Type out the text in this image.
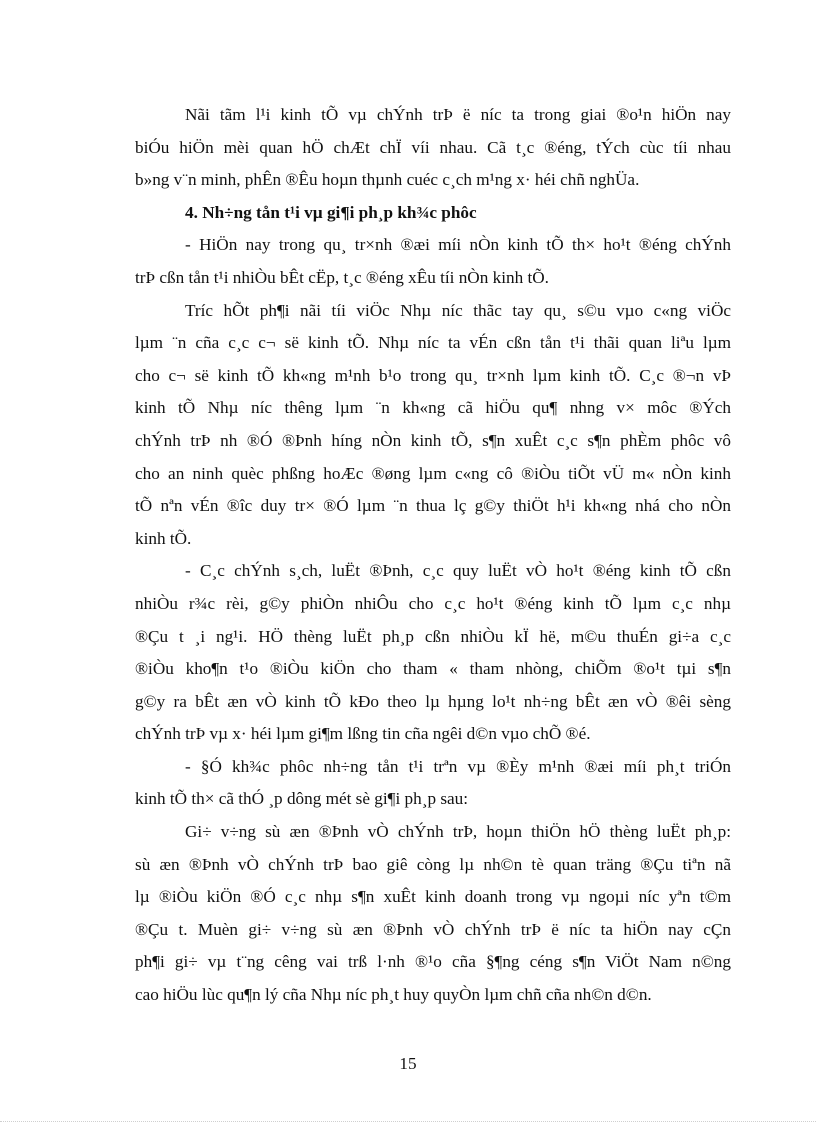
Nãi tãm l¹i kinh tÕ vµ chÝnh trÞ ë níc ta trong giai ®o¹n hiÖn nay
biÓu hiÖn mèi quan hÖ chÆt chÏ víi nhau. Cã t¸c ®éng, tÝch cùc tíi nhau
b»ng v¨n minh, phÊn ®Êu hoµn thµnh cuéc c¸ch m¹ng x· héi chñ nghÜa.
4. Nh÷ng tån t¹i vµ gi¶i ph¸p kh¾c phôc
- HiÖn nay trong qu¸ tr×nh ®æi míi nÒn kinh tÕ th× ho¹t ®éng chÝnh
trÞ cßn tån t¹i nhiÒu bÊt cËp, t¸c ®éng xÊu tíi nÒn kinh tÕ.
Tríc hÕt ph¶i nãi tíi viÖc Nhµ níc thãc tay qu¸ s©u vµo c«ng viÖc
lµm ¨n cña c¸c c¬ së kinh tÕ. Nhµ níc ta vÉn cßn tån t¹i thãi quan liªu lµm
cho c¬ së kinh tÕ kh«ng m¹nh b¹o trong qu¸ tr×nh lµm kinh tÕ. C¸c ®¬n vÞ
kinh tÕ Nhµ níc thêng lµm ¨n kh«ng cã hiÖu qu¶ nhng v× môc ®Ých
chÝnh trÞ nh ®Ó ®Þnh híng nÒn kinh tÕ, s¶n xuÊt c¸c s¶n phÈm phôc vô
cho an ninh quèc phßng hoÆc ®øng lµm c«ng cô ®iÒu tiÕt vÜ m« nÒn kinh
tÕ nªn vÉn ®îc duy tr× ®Ó lµm ¨n thua lç g©y thiÖt h¹i kh«ng nhá cho nÒn
kinh tÕ.
- C¸c chÝnh s¸ch, luËt ®Þnh, c¸c quy luËt vÒ ho¹t ®éng kinh tÕ cßn
nhiÒu r¾c rèi, g©y phiÒn nhiÔu cho c¸c ho¹t ®éng kinh tÕ lµm c¸c nhµ
®Çu t ¸i ng¹i. HÖ thèng luËt ph¸p cßn nhiÒu kÏ hë, m©u thuÉn gi÷a c¸c
®iÒu kho¶n t¹o ®iÒu kiÖn cho tham « tham nhòng, chiÕm ®o¹t tµi s¶n
g©y ra bÊt æn vÒ kinh tÕ kÐo theo lµ hµng lo¹t nh÷ng bÊt æn vÒ ®êi sèng
chÝnh trÞ vµ x· héi lµm gi¶m lßng tin cña ngêi d©n vµo chÕ ®é.
- §Ó kh¾c phôc nh÷ng tån t¹i trªn vµ ®Èy m¹nh ®æi míi ph¸t triÓn
kinh tÕ th× cã thÓ ¸p dông mét sè gi¶i ph¸p sau:
Gi÷ v÷ng sù æn ®Þnh vÒ chÝnh trÞ, hoµn thiÖn hÖ thèng luËt ph¸p:
sù æn ®Þnh vÒ chÝnh trÞ bao giê còng lµ nh©n tè quan träng ®Çu tiªn nã
lµ ®iÒu kiÖn ®Ó c¸c nhµ s¶n xuÊt kinh doanh trong vµ ngoµi níc yªn t©m
®Çu t. Muèn gi÷ v÷ng sù æn ®Þnh vÒ chÝnh trÞ ë níc ta hiÖn nay cÇn
ph¶i gi÷ vµ t¨ng cêng vai trß l·nh ®¹o cña §¶ng céng s¶n ViÖt Nam n©ng
cao hiÖu lùc qu¶n lý cña Nhµ níc ph¸t huy quyÒn lµm chñ cña nh©n d©n.
15
